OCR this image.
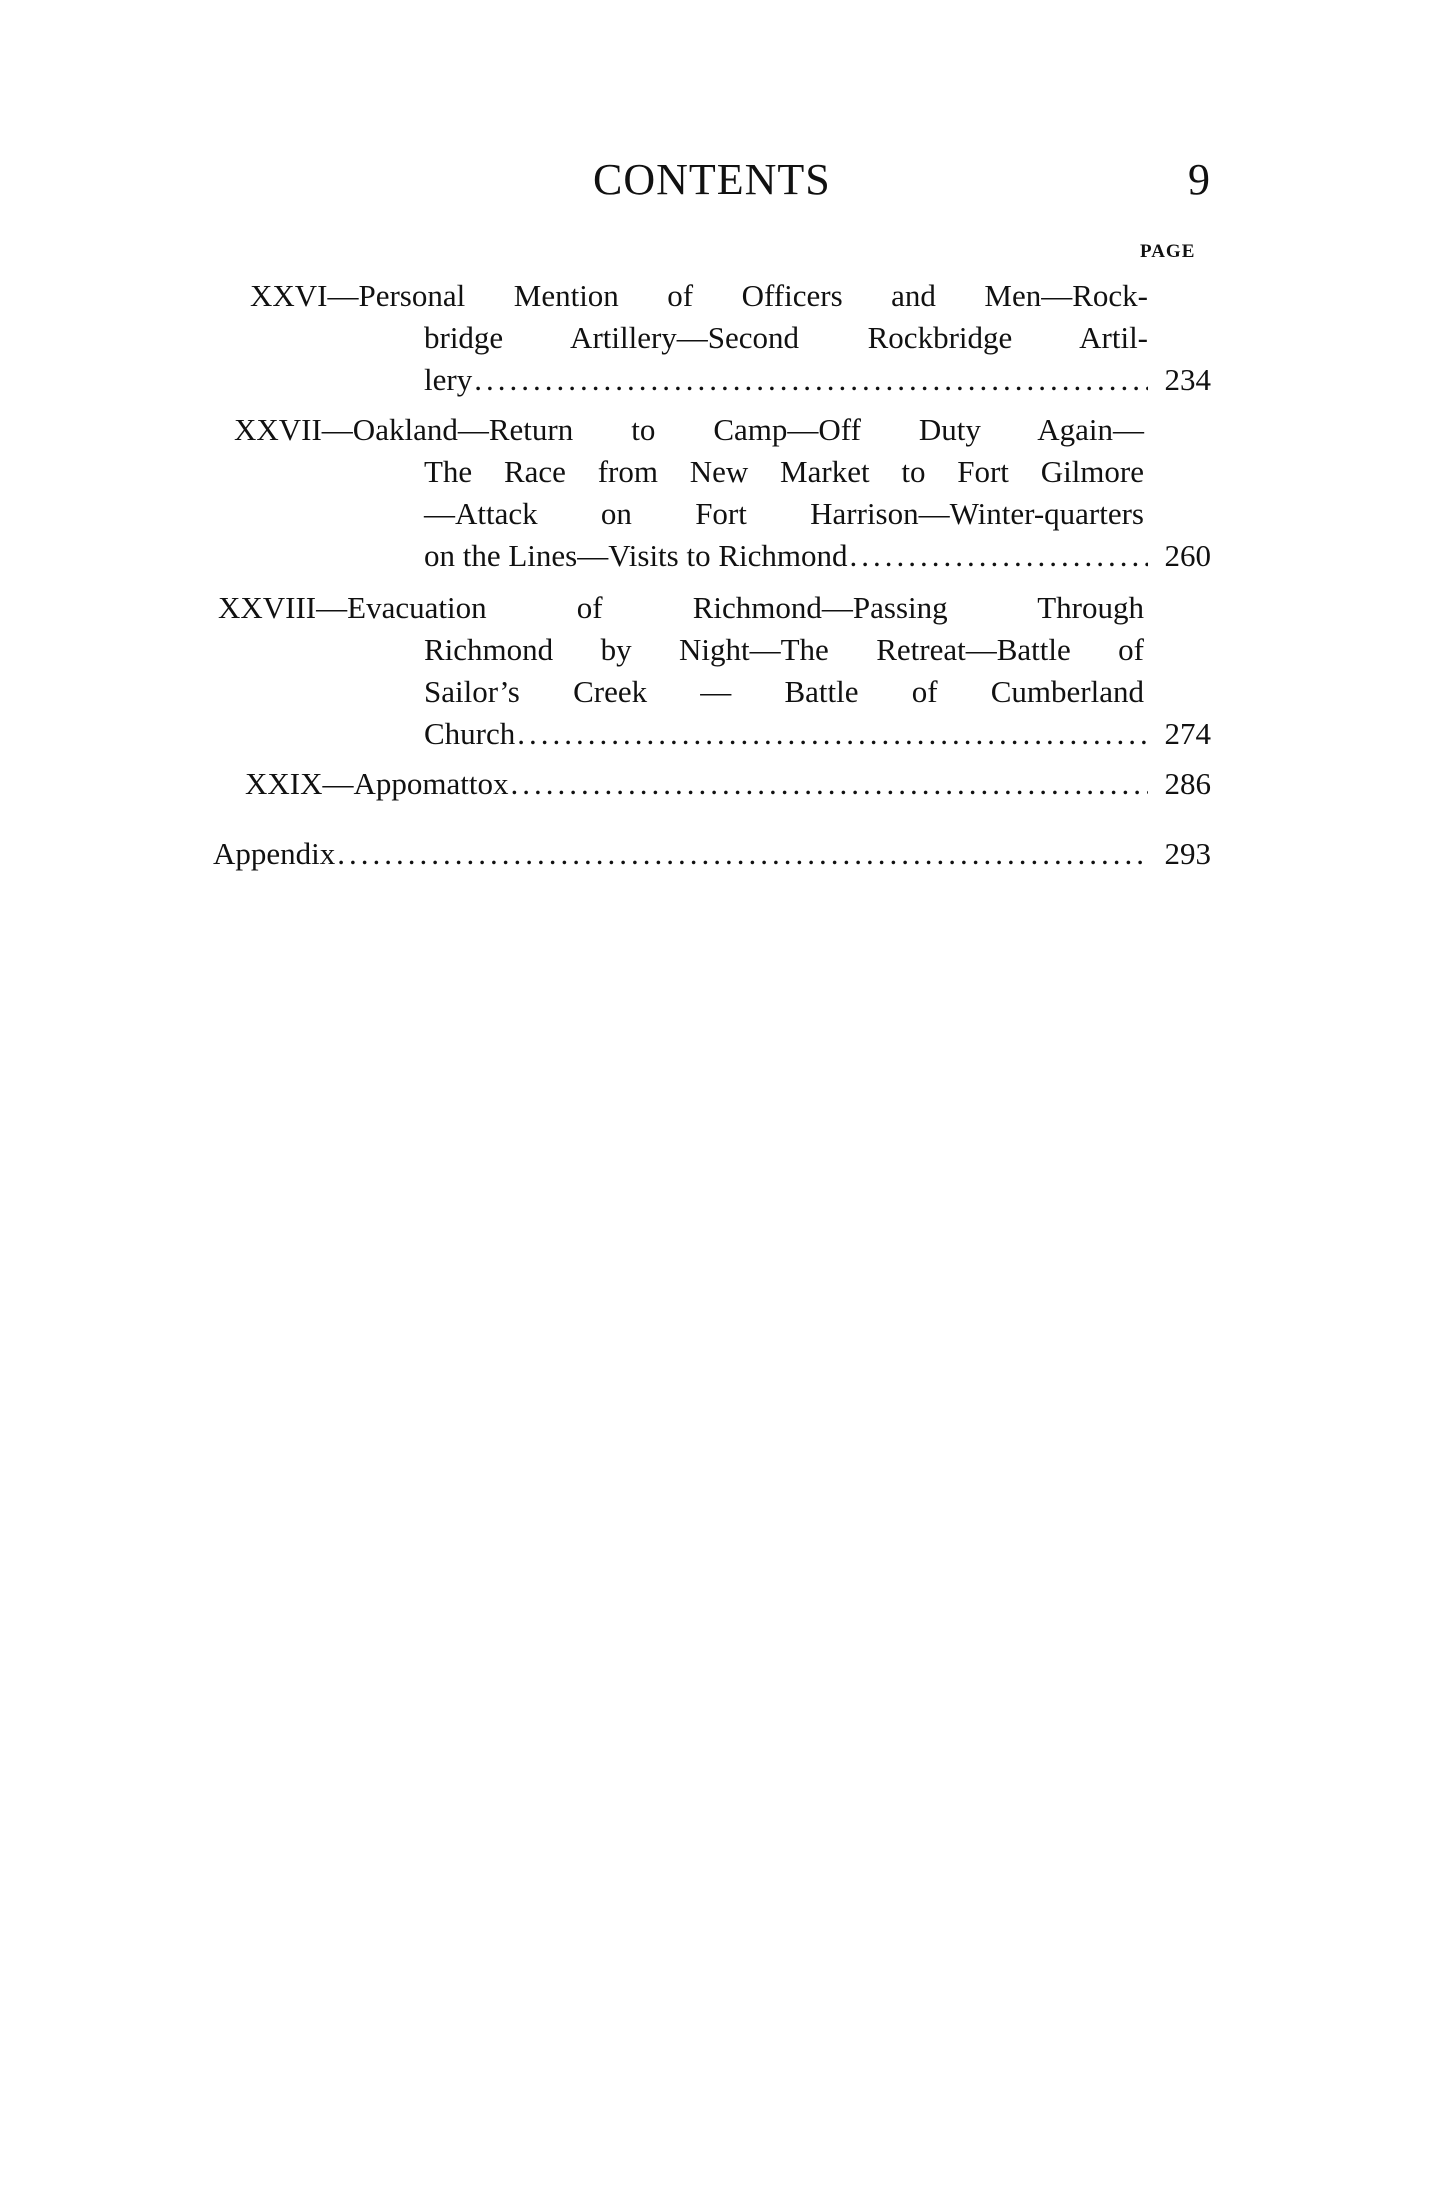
CONTENTS	9
PAGE
XXVI—Personal Mention of Officers and Men—Rock-
bridge Artillery—Second Rockbridge Artil-
lery .....	234
XXVII—Oakland—Return to Camp—Off Duty Again—
The Race from New Market to Fort Gilmore
—Attack on Fort Harrison—Winter-quarters
on the Lines—Visits to Richmond .....	260
XXVIII—Evacuation of Richmond—Passing Through
Richmond by Night—The Retreat—Battle of
Sailor’s Creek — Battle of Cumberland
Church .....	274
XXIX—Appomattox .....	286
Appendix .....	293
